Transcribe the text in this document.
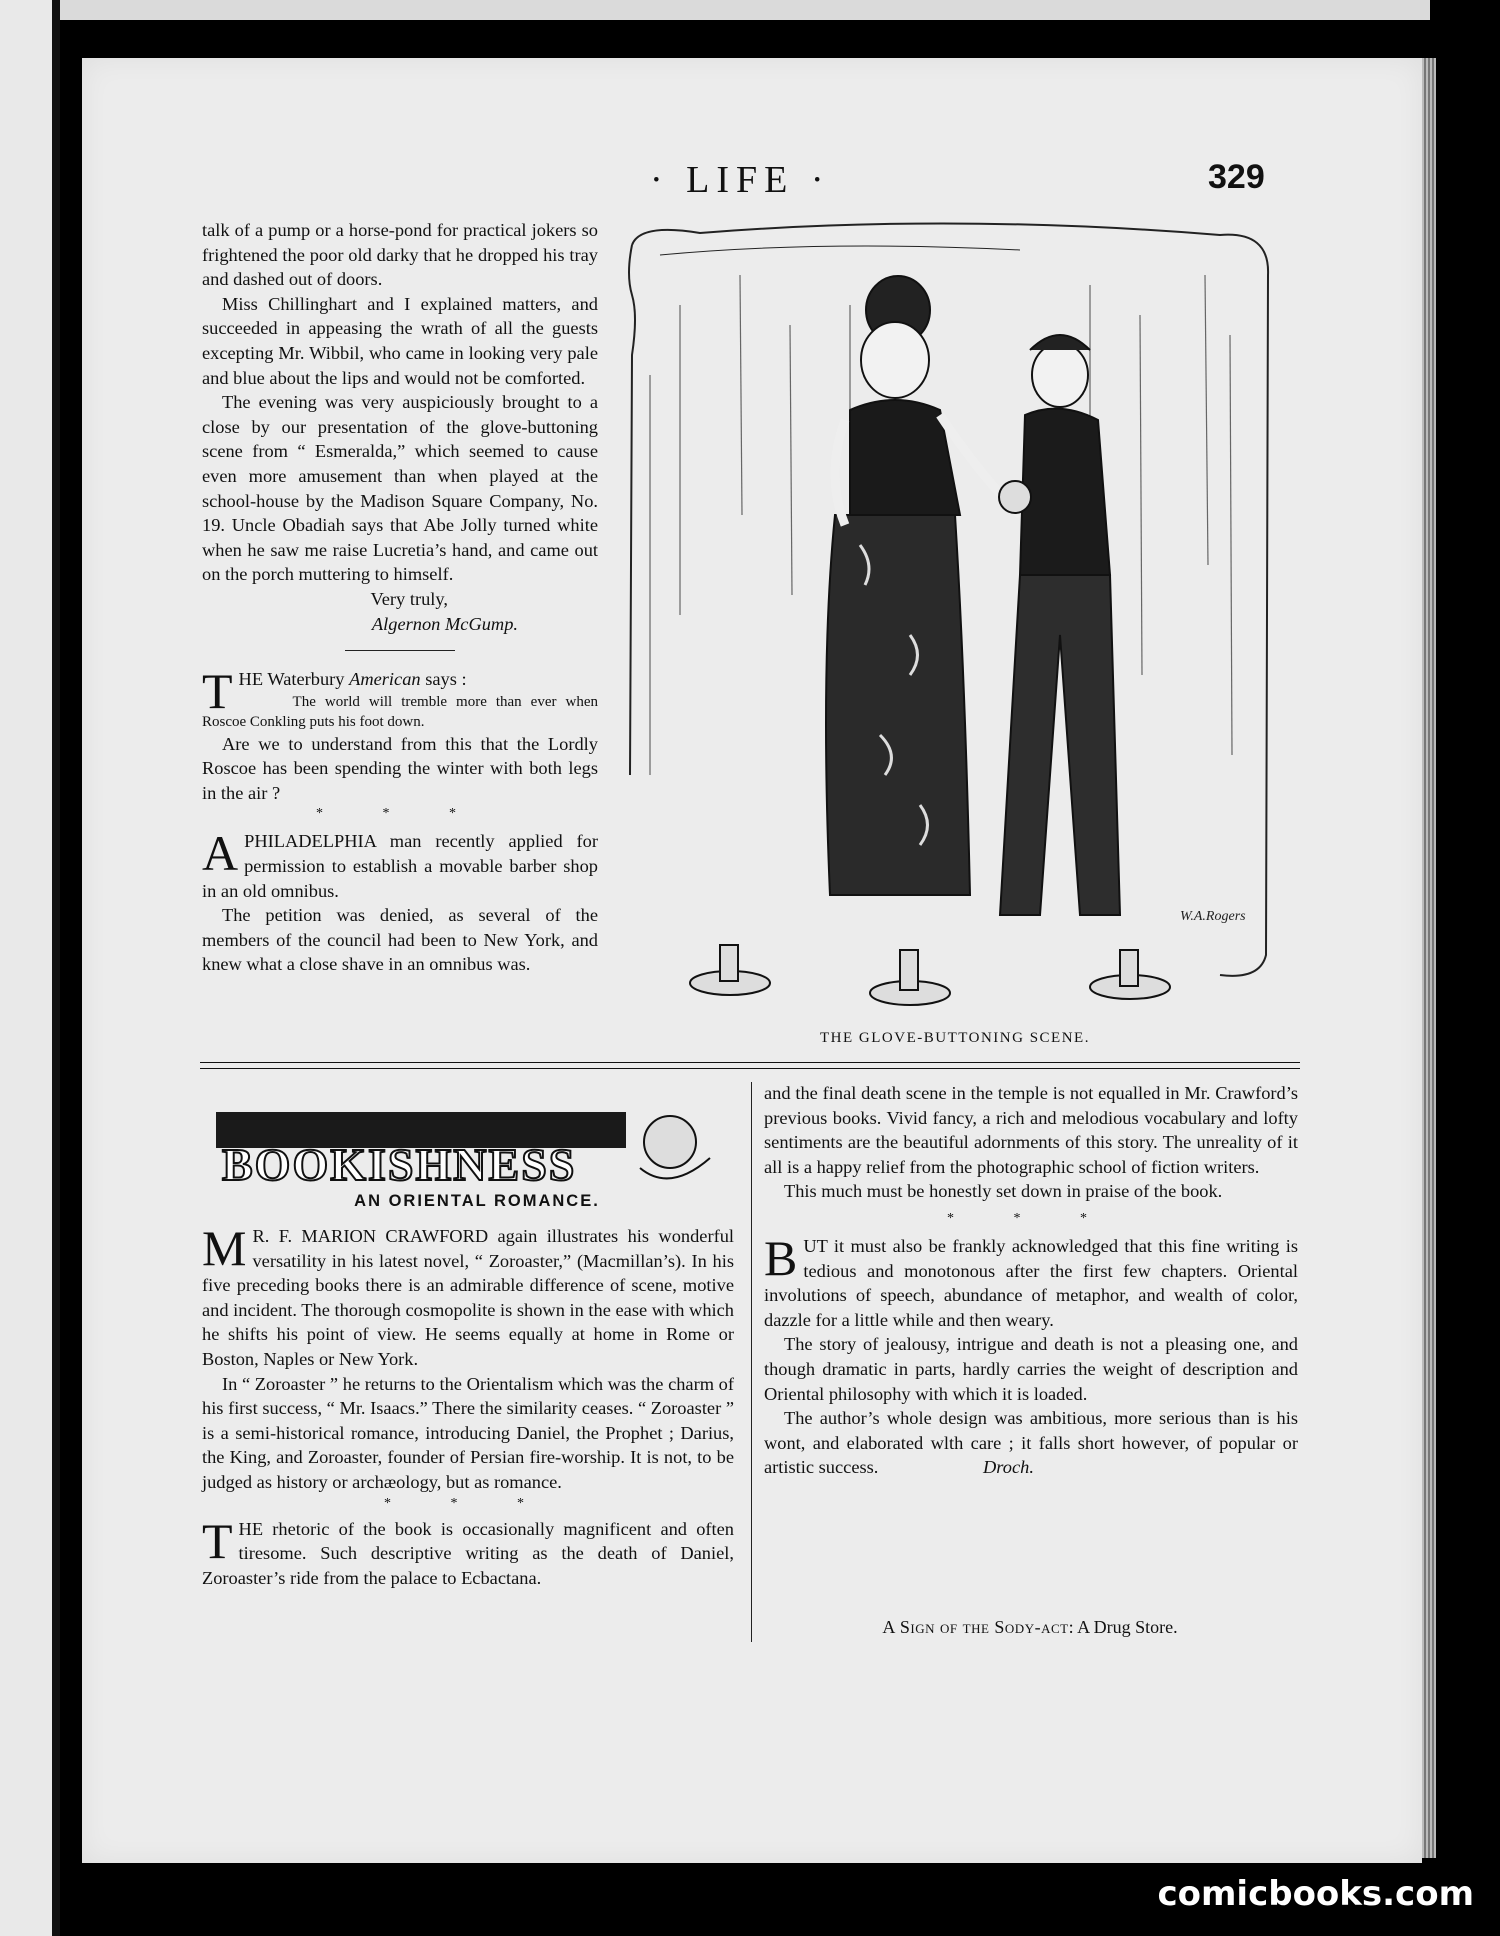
· LIFE ·	329

talk of a pump or a horse-pond for practical jokers so frightened the poor old darky that he dropped his tray and dashed out of doors.

Miss Chillinghart and I explained matters, and succeeded in appeasing the wrath of all the guests excepting Mr. Wibbil, who came in looking very pale and blue about the lips and would not be comforted.

The evening was very auspiciously brought to a close by our presentation of the glove-buttoning scene from “ Esmeralda,” which seemed to cause even more amusement than when played at the school-house by the Madison Square Company, No. 19. Uncle Obadiah says that Abe Jolly turned white when he saw me raise Lucretia’s hand, and came out on the porch muttering to himself.

Very truly,
Algernon McGump.
T HE Waterbury American says :
The world will tremble more than ever when Roscoe Conkling puts his foot down.

Are we to understand from this that the Lordly Roscoe has been spending the winter with both legs in the air ?

* * *
A PHILADELPHIA man recently applied for permission to establish a movable barber shop in an old omnibus.

The petition was denied, as several of the members of the council had been to New York, and knew what a close shave in an omnibus was.

W.A.Rogers
THE GLOVE-BUTTONING SCENE.
BOOKISHNESS
AN ORIENTAL ROMANCE.
M R. F. MARION CRAWFORD again illustrates his wonderful versatility in his latest novel, “ Zoroaster,” (Macmillan’s). In his five preceding books there is an admirable difference of scene, motive and incident. The thorough cosmopolite is shown in the ease with which he shifts his point of view. He seems equally at home in Rome or Boston, Naples or New York.

In “ Zoroaster ” he returns to the Orientalism which was the charm of his first success, “ Mr. Isaacs.” There the similarity ceases. “ Zoroaster ” is a semi-historical romance, introducing Daniel, the Prophet ; Darius, the King, and Zoroaster, founder of Persian fire-worship. It is not, to be judged as history or archæology, but as romance.

* * *
T HE rhetoric of the book is occasionally magnificent and often tiresome. Such descriptive writing as the death of Daniel, Zoroaster’s ride from the palace to Ecbactana.

and the final death scene in the temple is not equalled in Mr. Crawford’s previous books. Vivid fancy, a rich and melodious vocabulary and lofty sentiments are the beautiful adornments of this story. The unreality of it all is a happy relief from the photographic school of fiction writers.

This much must be honestly set down in praise of the book.

* * *
B UT it must also be frankly acknowledged that this fine writing is tedious and monotonous after the first few chapters. Oriental involutions of speech, abundance of metaphor, and wealth of color, dazzle for a little while and then weary.

The story of jealousy, intrigue and death is not a pleasing one, and though dramatic in parts, hardly carries the weight of description and Oriental philosophy with which it is loaded.

The author’s whole design was ambitious, more serious than is his wont, and elaborated wlth care ; it falls short however, of popular or artistic success.	Droch.

A Sign of the Sody-act: A Drug Store.
comicbooks.com
